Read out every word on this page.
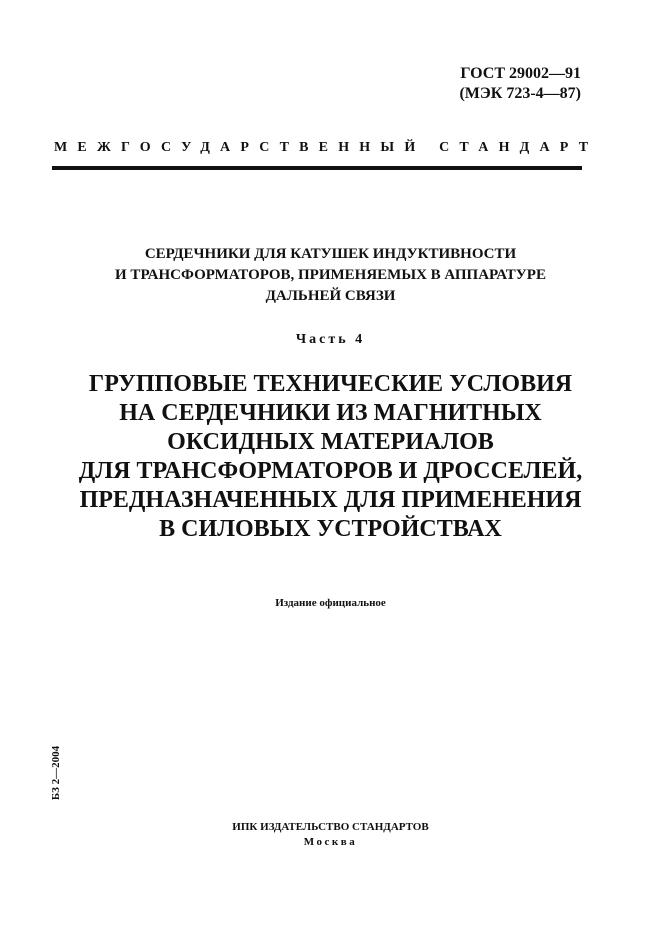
ГОСТ 29002—91
(МЭК 723-4—87)
МЕЖГОСУДАРСТВЕННЫЙ СТАНДАРТ
СЕРДЕЧНИКИ ДЛЯ КАТУШЕК ИНДУКТИВНОСТИ
И ТРАНСФОРМАТОРОВ, ПРИМЕНЯЕМЫХ В АППАРАТУРЕ
ДАЛЬНЕЙ СВЯЗИ
Часть 4
ГРУППОВЫЕ ТЕХНИЧЕСКИЕ УСЛОВИЯ
НА СЕРДЕЧНИКИ ИЗ МАГНИТНЫХ
ОКСИДНЫХ МАТЕРИАЛОВ
ДЛЯ ТРАНСФОРМАТОРОВ И ДРОССЕЛЕЙ,
ПРЕДНАЗНАЧЕННЫХ ДЛЯ ПРИМЕНЕНИЯ
В СИЛОВЫХ УСТРОЙСТВАХ
Издание официальное
БЗ 2—2004
ИПК ИЗДАТЕЛЬСТВО СТАНДАРТОВ
Москва
